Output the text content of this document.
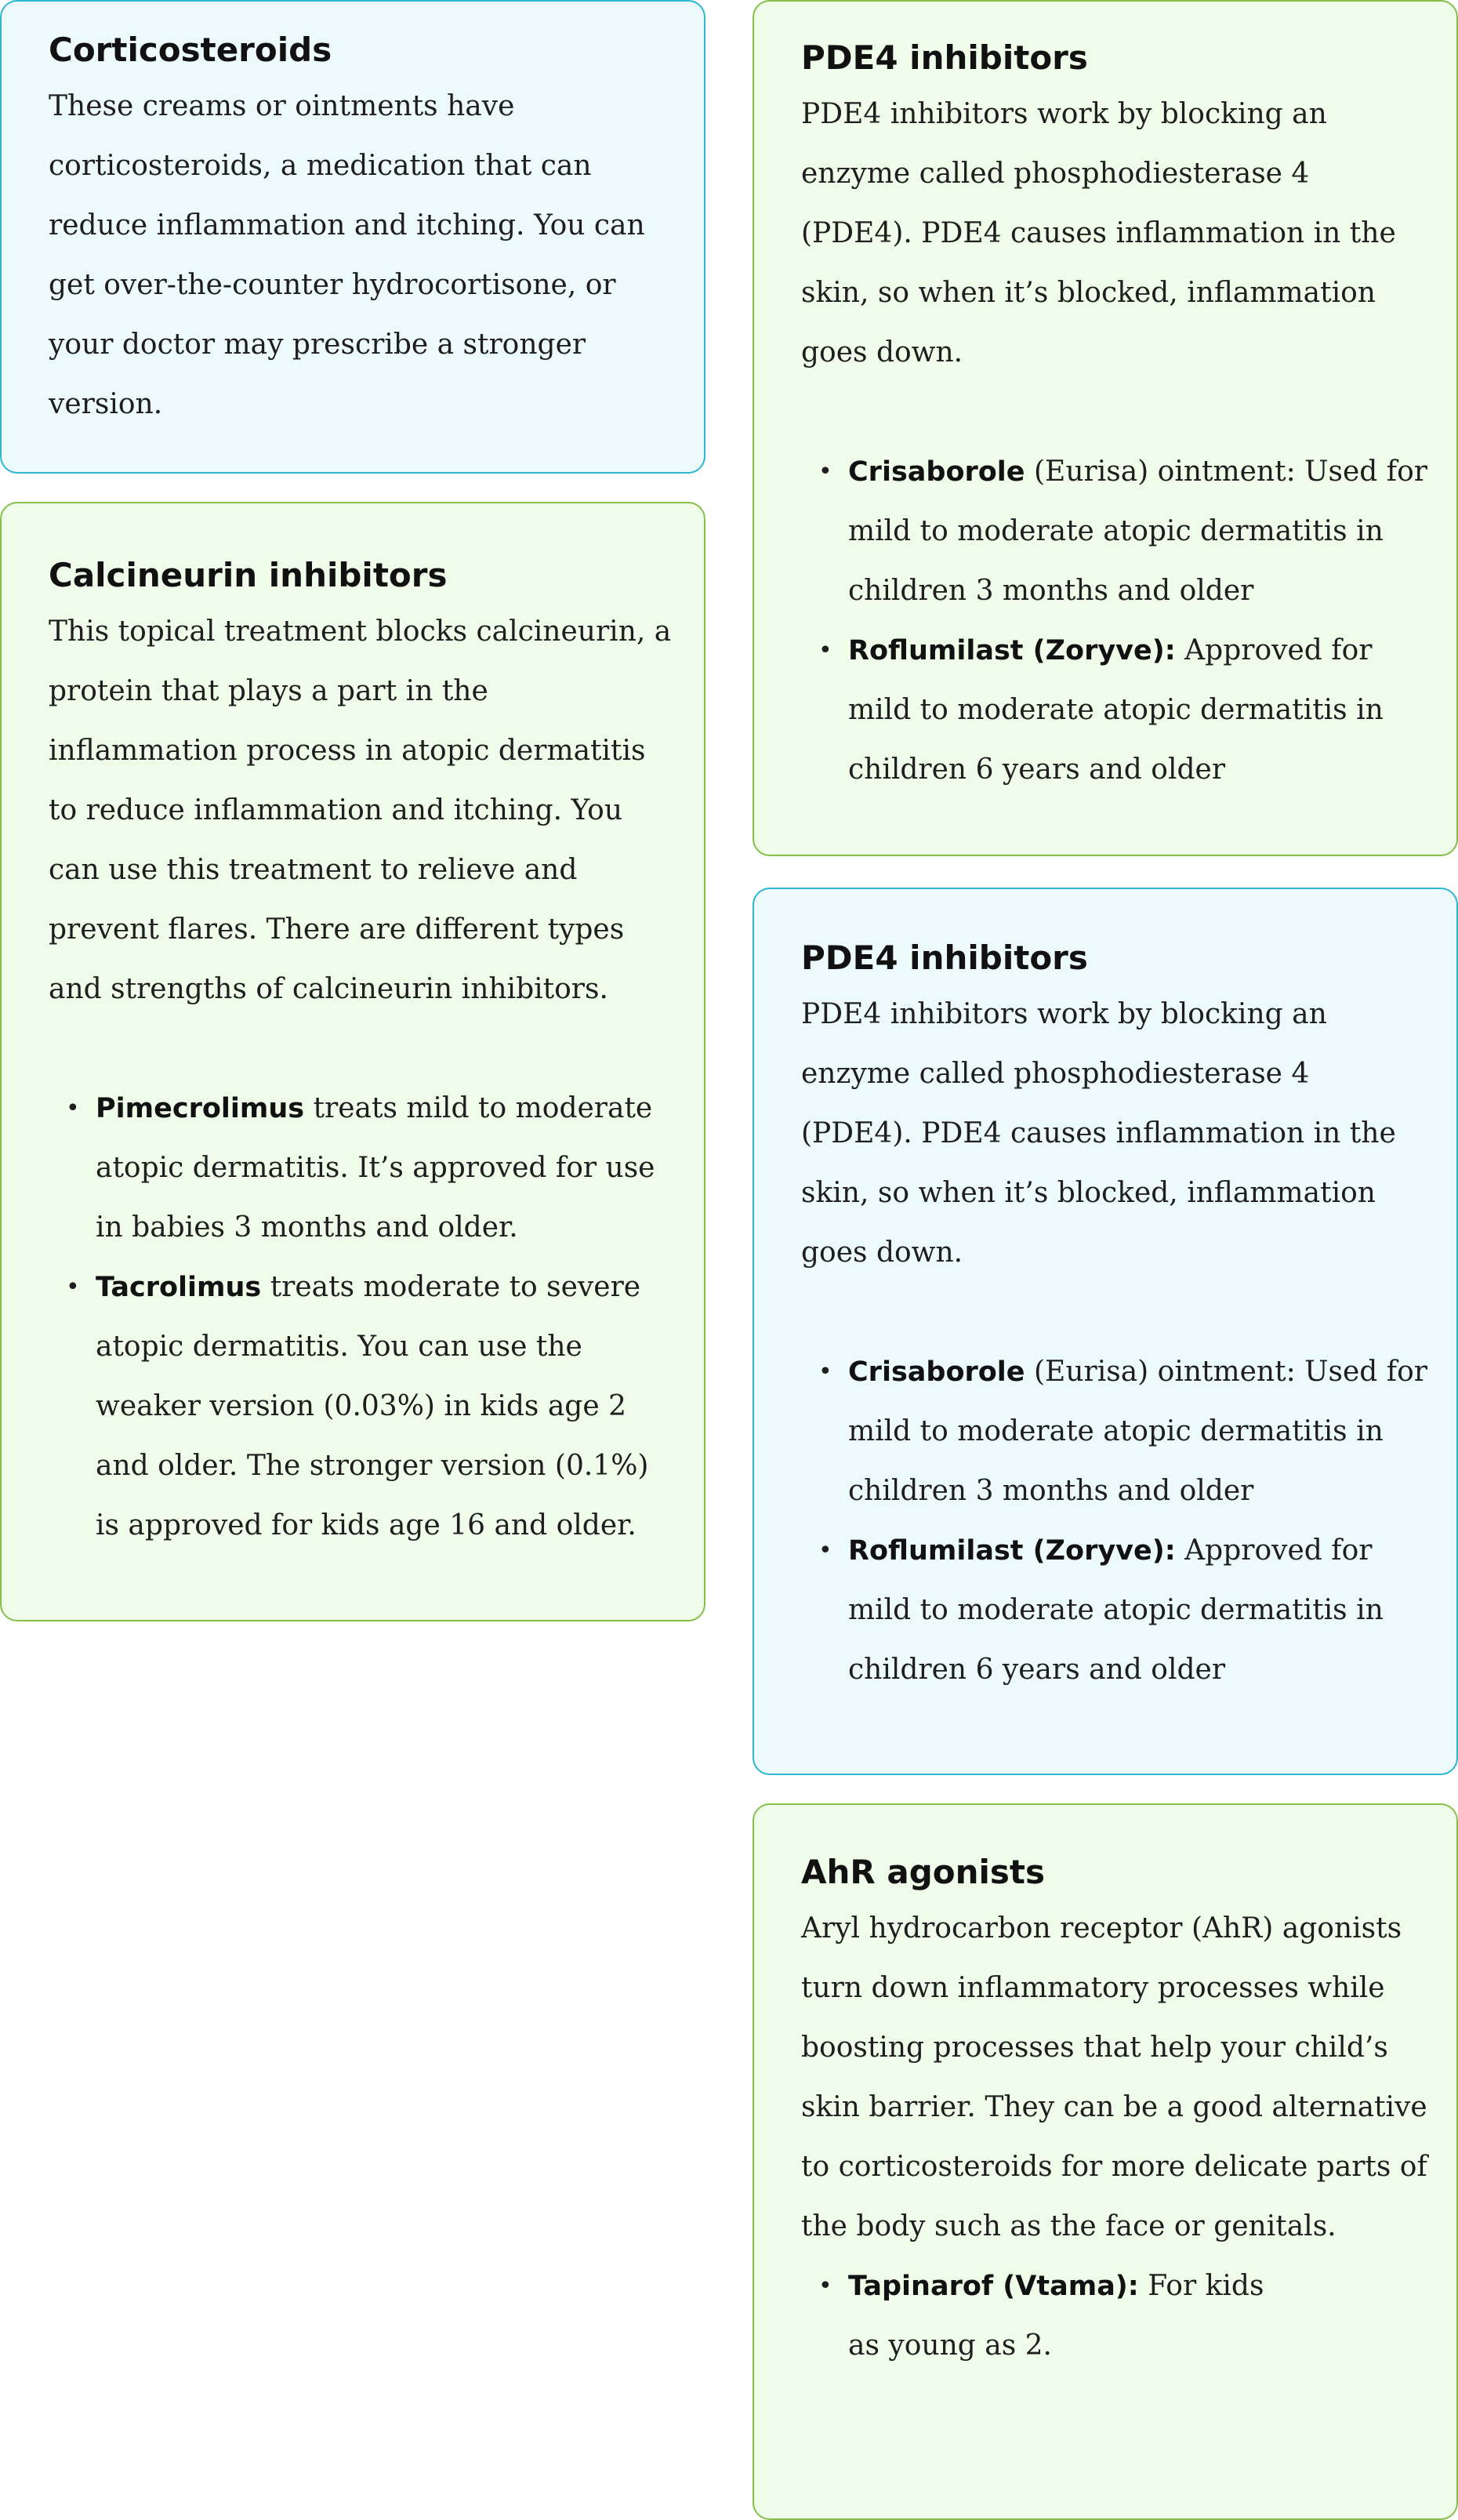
Corticosteroids

These creams or ointments have corticosteroids, a medication that can reduce inflammation and itching. You can get over-the-counter hydrocortisone, or your doctor may prescribe a stronger version.

Calcineurin inhibitors

This topical treatment blocks calcineurin, a protein that plays a part in the inflammation process in atopic dermatitis to reduce inflammation and itching. You can use this treatment to relieve and prevent flares. There are different types and strengths of calcineurin inhibitors.

• Pimecrolimus treats mild to moderate atopic dermatitis. It’s approved for use in babies 3 months and older.
• Tacrolimus treats moderate to severe atopic dermatitis. You can use the weaker version (0.03%) in kids age 2 and older. The stronger version (0.1%) is approved for kids age 16 and older.
PDE4 inhibitors

PDE4 inhibitors work by blocking an enzyme called phosphodiesterase 4 (PDE4). PDE4 causes inflammation in the skin, so when it’s blocked, inflammation goes down.

• Crisaborole (Eurisa) ointment: Used for mild to moderate atopic dermatitis in children 3 months and older
• Roflumilast (Zoryve): Approved for mild to moderate atopic dermatitis in children 6 years and older
PDE4 inhibitors

PDE4 inhibitors work by blocking an enzyme called phosphodiesterase 4 (PDE4). PDE4 causes inflammation in the skin, so when it’s blocked, inflammation goes down.

• Crisaborole (Eurisa) ointment: Used for mild to moderate atopic dermatitis in children 3 months and older
• Roflumilast (Zoryve): Approved for mild to moderate atopic dermatitis in children 6 years and older
AhR agonists

Aryl hydrocarbon receptor (AhR) agonists turn down inflammatory processes while boosting processes that help your child’s skin barrier. They can be a good alternative to corticosteroids for more delicate parts of the body such as the face or genitals.

• Tapinarof (Vtama): For kids as young as 2.
